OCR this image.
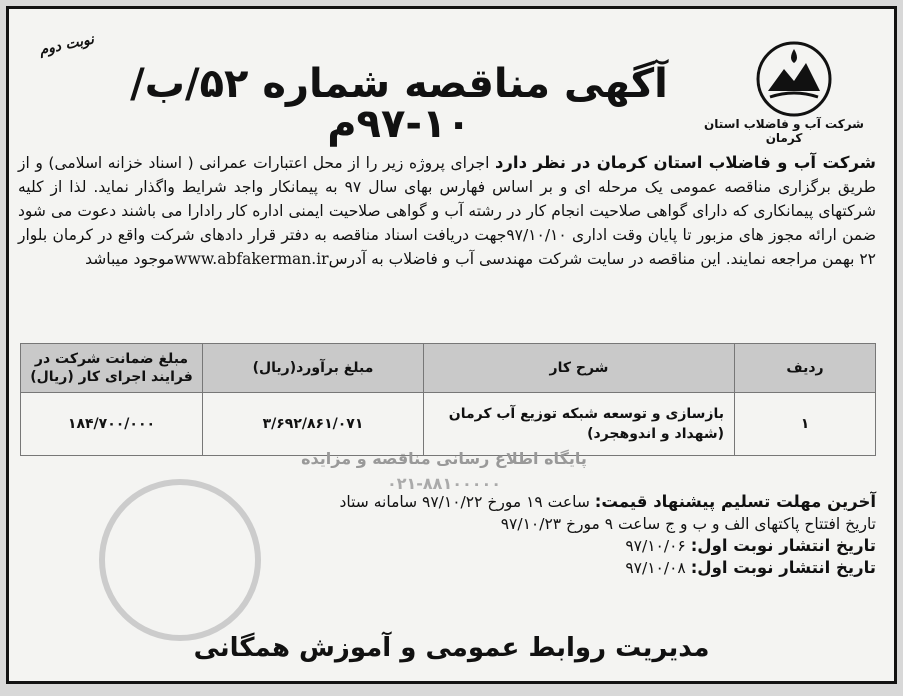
شرکت آب و فاضلاب استان کرمان
نوبت دوم
آگهی مناقصه شماره ۵۲/ب/۱۰-۹۷م
شرکت آب و فاضلاب استان کرمان در نظر دارد اجرای پروژه زیر را از محل اعتبارات عمرانی ( اسناد خزانه اسلامی) و از طریق برگزاری مناقصه عمومی یک مرحله ای و بر اساس فهارس بهای سال ۹۷ به پیمانکار واجد شرایط واگذار نماید. لذا از کلیه شرکتهای پیمانکاری که دارای گواهی صلاحیت انجام کار در رشته آب و گواهی صلاحیت ایمنی اداره کار رادارا می باشند دعوت می شود ضمن ارائه مجوز های مزبور تا پایان وقت اداری ۹۷/۱۰/۱۰جهت دریافت اسناد مناقصه به دفتر قرار دادهای شرکت واقع در کرمان بلوار ۲۲ بهمن مراجعه نمایند. این مناقصه در سایت شرکت مهندسی آب و فاضلاب به آدرسwww.abfakerman.irموجود میباشد
ردیف	شرح کار	مبلغ برآورد(ریال)	مبلغ ضمانت شرکت در فرایند اجرای کار (ریال)
۱	بازسازی و توسعه شبکه توزیع آب کرمان (شهداد و اندوهجرد)	۳/۶۹۲/۸۶۱/۰۷۱	۱۸۴/۷۰۰/۰۰۰
پایگاه اطلاع رسانی مناقصه و مزایده
۰۲۱-۸۸۱۰۰۰۰۰
آخرین مهلت تسلیم پیشنهاد قیمت: ساعت ۱۹ مورخ ۹۷/۱۰/۲۲ سامانه ستاد
تاریخ افتتاح پاکتهای الف و ب و ج ساعت ۹ مورخ ۹۷/۱۰/۲۳
تاریخ انتشار نوبت اول: ۹۷/۱۰/۰۶
تاریخ انتشار نوبت اول: ۹۷/۱۰/۰۸
مدیریت روابط عمومی و آموزش همگانی
